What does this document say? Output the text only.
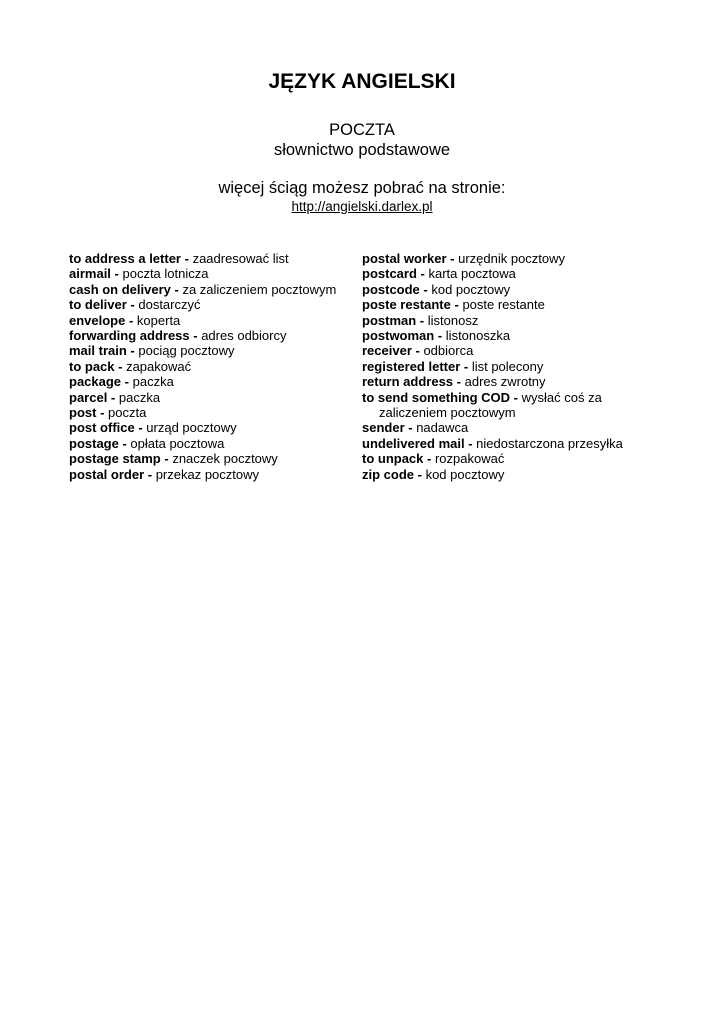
JĘZYK ANGIELSKI
POCZTA
słownictwo podstawowe
więcej ściąg możesz pobrać na stronie:
http://angielski.darlex.pl
to address a letter - zaadresować list
airmail - poczta lotnicza
cash on delivery - za zaliczeniem pocztowym
to deliver - dostarczyć
envelope - koperta
forwarding address - adres odbiorcy
mail train - pociąg pocztowy
to pack - zapakować
package - paczka
parcel - paczka
post - poczta
post office - urząd pocztowy
postage - opłata pocztowa
postage stamp - znaczek pocztowy
postal order - przekaz pocztowy
postal worker - urzędnik pocztowy
postcard - karta pocztowa
postcode - kod pocztowy
poste restante - poste restante
postman - listonosz
postwoman - listonoszka
receiver - odbiorca
registered letter - list polecony
return address - adres zwrotny
to send something COD - wysłać coś za
zaliczeniem pocztowym
sender - nadawca
undelivered mail - niedostarczona przesyłka
to unpack - rozpakować
zip code - kod pocztowy
